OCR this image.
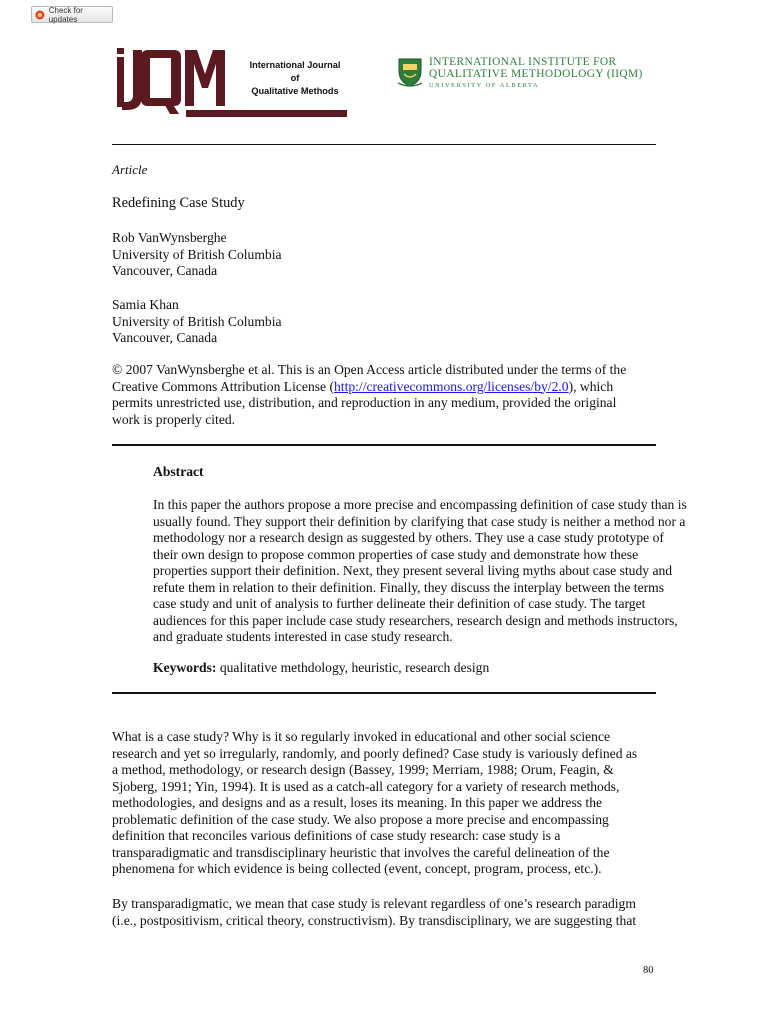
Check for updates
International Journal
of
Qualitative Methods
INTERNATIONAL INSTITUTE FOR
QUALITATIVE METHODOLOGY (IIQM)
UNIVERSITY OF ALBERTA
Article
Redefining Case Study
Rob VanWynsberghe
University of British Columbia
Vancouver, Canada
Samia Khan
University of British Columbia
Vancouver, Canada
© 2007 VanWynsberghe et al. This is an Open Access article distributed under the terms of the
Creative Commons Attribution License (http://creativecommons.org/licenses/by/2.0), which
permits unrestricted use, distribution, and reproduction in any medium, provided the original
work is properly cited.
Abstract
In this paper the authors propose a more precise and encompassing definition of case study than is
usually found. They support their definition by clarifying that case study is neither a method nor a
methodology nor a research design as suggested by others. They use a case study prototype of
their own design to propose common properties of case study and demonstrate how these
properties support their definition. Next, they present several living myths about case study and
refute them in relation to their definition. Finally, they discuss the interplay between the terms
case study and unit of analysis to further delineate their definition of case study. The target
audiences for this paper include case study researchers, research design and methods instructors,
and graduate students interested in case study research.
Keywords: qualitative methdology, heuristic, research design
What is a case study? Why is it so regularly invoked in educational and other social science
research and yet so irregularly, randomly, and poorly defined? Case study is variously defined as
a method, methodology, or research design (Bassey, 1999; Merriam, 1988; Orum, Feagin, &
Sjoberg, 1991; Yin, 1994). It is used as a catch-all category for a variety of research methods,
methodologies, and designs and as a result, loses its meaning. In this paper we address the
problematic definition of the case study. We also propose a more precise and encompassing
definition that reconciles various definitions of case study research: case study is a
transparadigmatic and transdisciplinary heuristic that involves the careful delineation of the
phenomena for which evidence is being collected (event, concept, program, process, etc.).
By transparadigmatic, we mean that case study is relevant regardless of one’s research paradigm
(i.e., postpositivism, critical theory, constructivism). By transdisciplinary, we are suggesting that
80
